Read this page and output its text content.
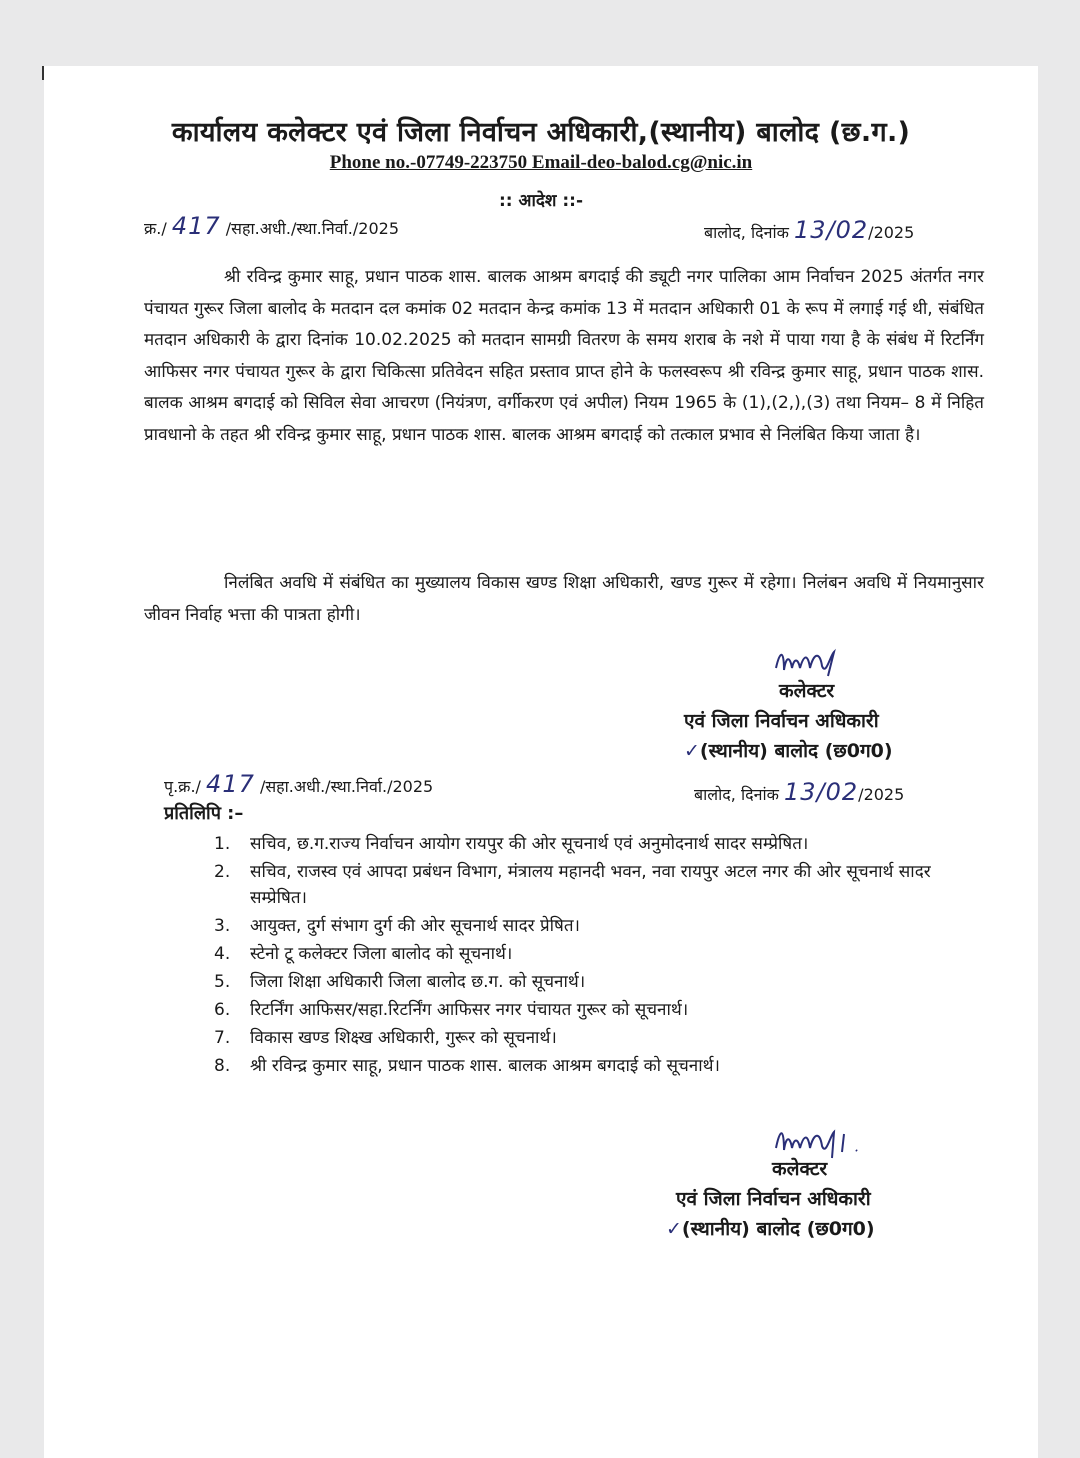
कार्यालय कलेक्टर एवं जिला निर्वाचन अधिकारी,(स्थानीय) बालोद (छ.ग.)
Phone no.-07749-223750 Email-deo-balod.cg@nic.in
:: आदेश ::-
क्र./ 417 /सहा.अधी./स्था.निर्वा./2025	बालोद, दिनांक 13/02/2025
श्री रविन्द्र कुमार साहू, प्रधान पाठक शास. बालक आश्रम बगदाई की ड्यूटी नगर पालिका आम निर्वाचन 2025 अंतर्गत नगर पंचायत गुरूर जिला बालोद के मतदान दल कमांक 02 मतदान केन्द्र कमांक 13 में मतदान अधिकारी 01 के रूप में लगाई गई थी, संबंधित मतदान अधिकारी के द्वारा दिनांक 10.02.2025 को मतदान सामग्री वितरण के समय शराब के नशे में पाया गया है के संबंध में रिटर्निंग आफिसर नगर पंचायत गुरूर के द्वारा चिकित्सा प्रतिवेदन सहित प्रस्ताव प्राप्त होने के फलस्वरूप श्री रविन्द्र कुमार साहू, प्रधान पाठक शास. बालक आश्रम बगदाई को सिविल सेवा आचरण (नियंत्रण, वर्गीकरण एवं अपील) नियम 1965 के (1),(2,),(3) तथा नियम– 8 में निहित प्रावधानो के तहत श्री रविन्द्र कुमार साहू, प्रधान पाठक शास. बालक आश्रम बगदाई को तत्काल प्रभाव से निलंबित किया जाता है।
निलंबित अवधि में संबंधित का मुख्यालय विकास खण्ड शिक्षा अधिकारी, खण्ड गुरूर में रहेगा। निलंबन अवधि में नियमानुसार जीवन निर्वाह भत्ता की पात्रता होगी।
कलेक्टर
एवं जिला निर्वाचन अधिकारी
✓(स्थानीय) बालोद (छ0ग0)
पृ.क्र./ 417 /सहा.अधी./स्था.निर्वा./2025	बालोद, दिनांक 13/02/2025
प्रतिलिपि :–
1. सचिव, छ.ग.राज्य निर्वाचन आयोग रायपुर की ओर सूचनार्थ एवं अनुमोदनार्थ सादर सम्प्रेषित।
2. सचिव, राजस्व एवं आपदा प्रबंधन विभाग, मंत्रालय महानदी भवन, नवा रायपुर अटल नगर की ओर सूचनार्थ सादर सम्प्रेषित।
3. आयुक्त, दुर्ग संभाग दुर्ग की ओर सूचनार्थ सादर प्रेषित।
4. स्टेनो टू कलेक्टर जिला बालोद को सूचनार्थ।
5. जिला शिक्षा अधिकारी जिला बालोद छ.ग. को सूचनार्थ।
6. रिटर्निंग आफिसर/सहा.रिटर्निंग आफिसर नगर पंचायत गुरूर को सूचनार्थ।
7. विकास खण्ड शिक्ष्ख अधिकारी, गुरूर को सूचनार्थ।
8. श्री रविन्द्र कुमार साहू, प्रधान पाठक शास. बालक आश्रम बगदाई को सूचनार्थ।
कलेक्टर
एवं जिला निर्वाचन अधिकारी
✓(स्थानीय) बालोद (छ0ग0)
